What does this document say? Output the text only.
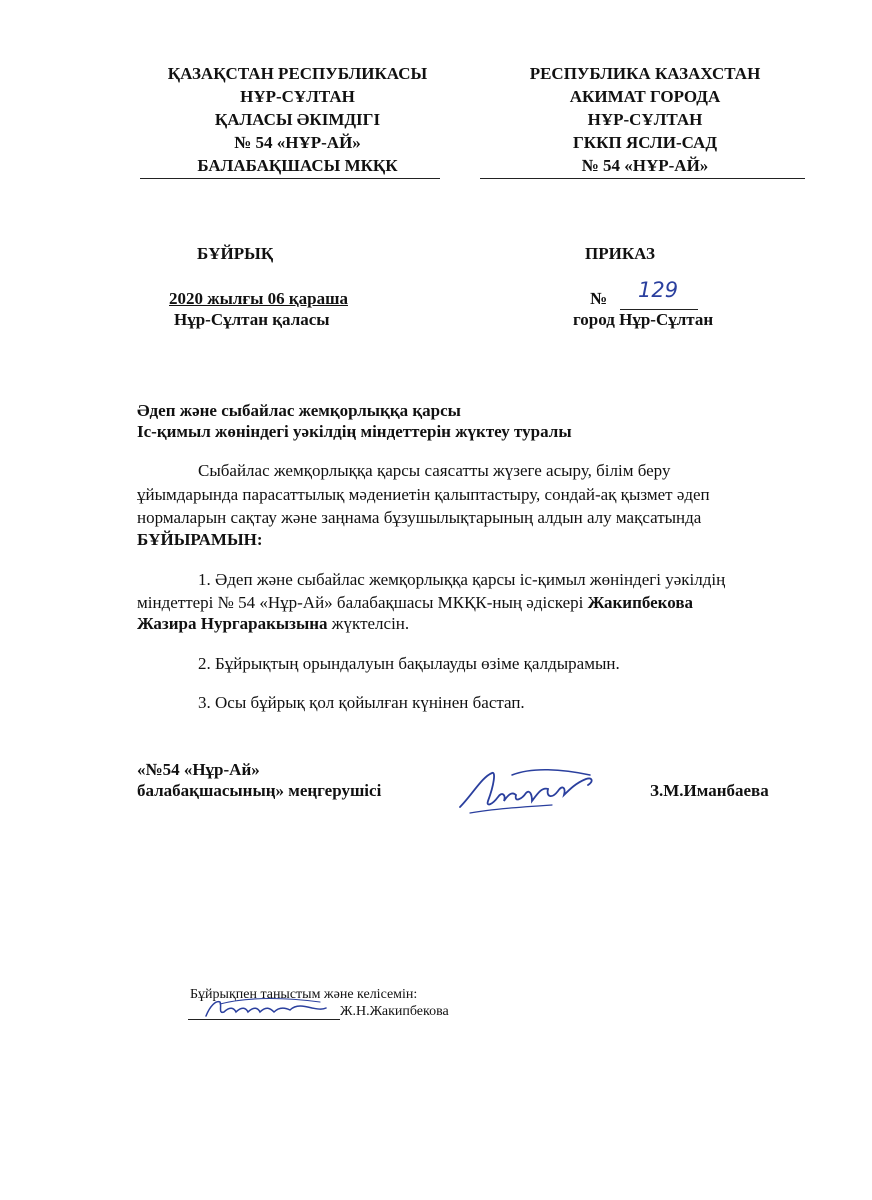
ҚАЗАҚСТАН РЕСПУБЛИКАСЫ
НҰР-СҰЛТАН
ҚАЛАСЫ ӘКІМДІГІ
№ 54 «НҰР-АЙ»
БАЛАБАҚШАСЫ МКҚК
РЕСПУБЛИКА КАЗАХСТАН
АКИМАТ ГОРОДА
НҰР-СҰЛТАН
ГККП ЯСЛИ-САД
№ 54 «НҰР-АЙ»
БҰЙРЫҚ	ПРИКАЗ
2020 жылғы 06 қараша
Нұр-Сұлтан қаласы
№ 129
город Нұр-Сұлтан
Әдеп және сыбайлас жемқорлыққа қарсы
Іс-қимыл жөніндегі уәкілдің міндеттерін жүктеу туралы
Сыбайлас жемқорлыққа қарсы саясатты жүзеге асыру, білім беру
ұйымдарында парасаттылық мәдениетін қалыптастыру, сондай-ақ қызмет әдеп
нормаларын сақтау және заңнама бұзушылықтарының алдын алу мақсатында
БҰЙЫРАМЫН:
1. Әдеп және сыбайлас жемқорлыққа қарсы іс-қимыл жөніндегі уәкілдің
міндеттері № 54 «Нұр-Ай» балабақшасы МКҚК-ның әдіскері Жакипбекова
Жазира Нургаракызына жүктелсін.
2. Бұйрықтың орындалуын бақылауды өзіме қалдырамын.
3. Осы бұйрық қол қойылған күнінен бастап.
«№54 «Нұр-Ай»
балабақшасының» меңгерушісі	З.М.Иманбаева
Бұйрықпен таныстым және келісемін:
Ж.Н.Жакипбекова
